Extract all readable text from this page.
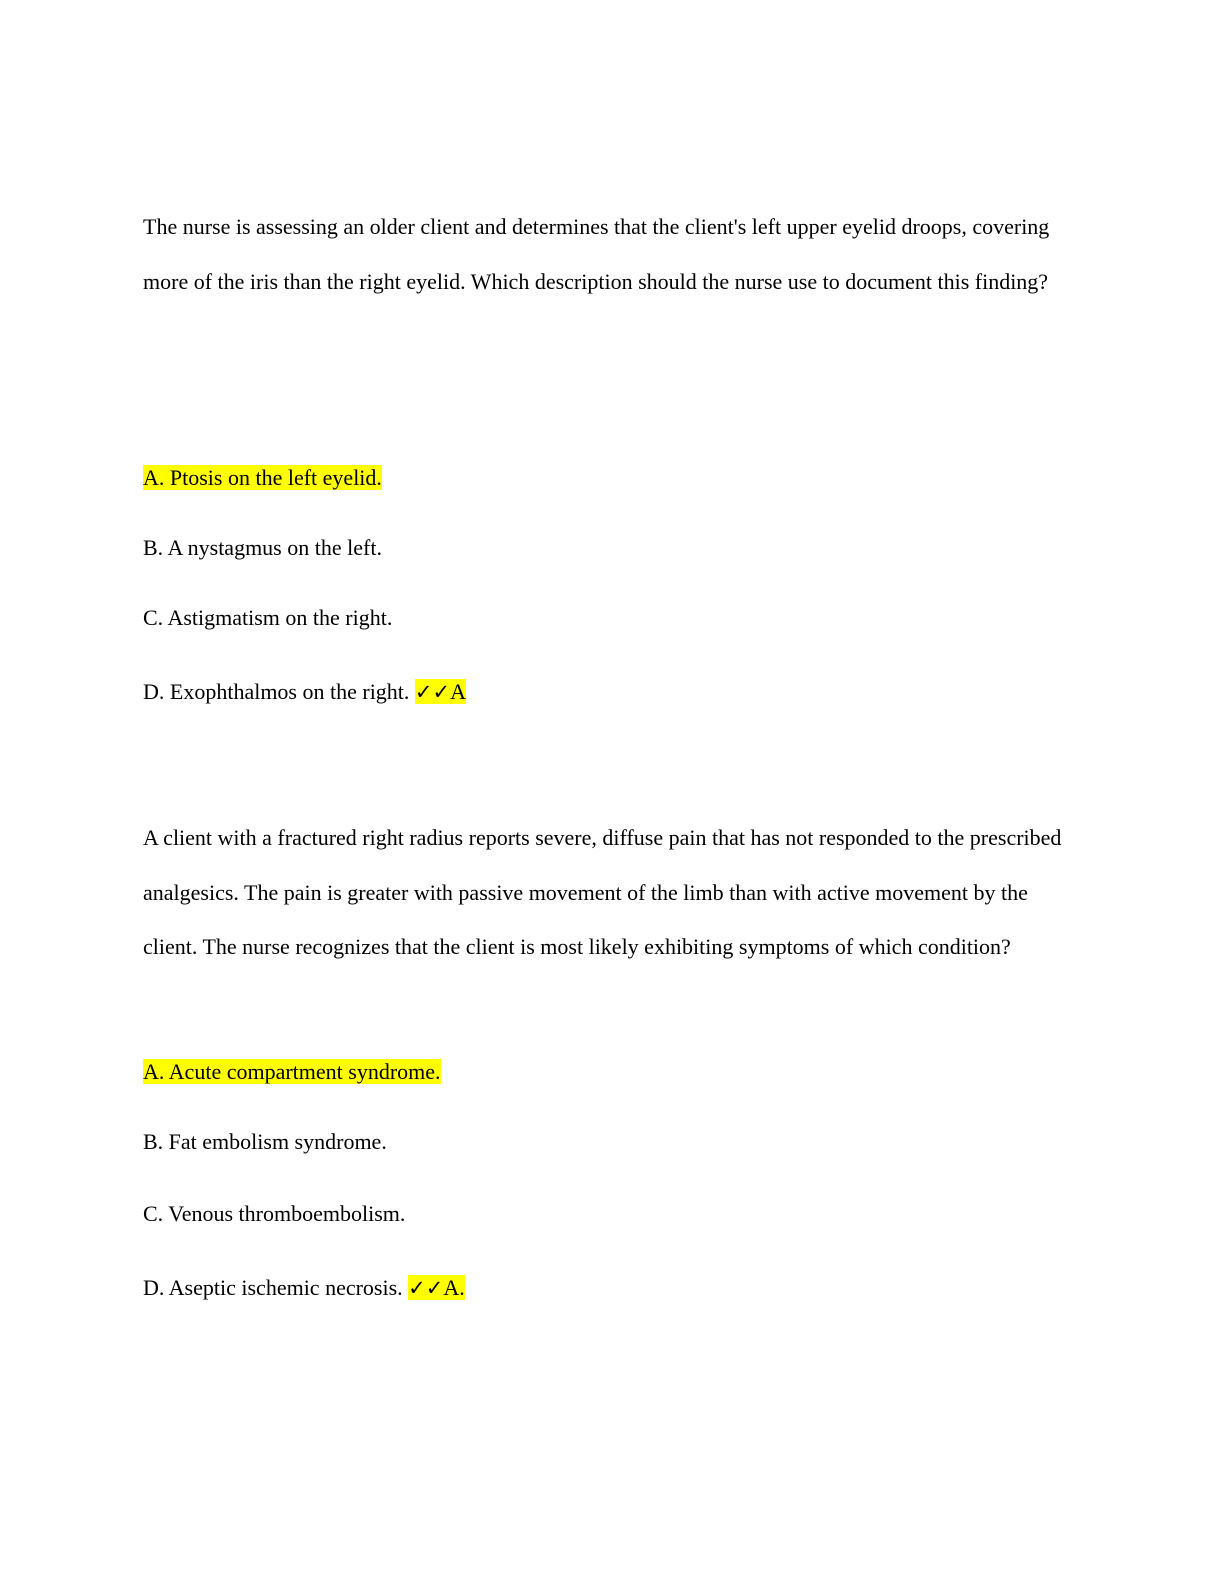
The nurse is assessing an older client and determines that the client's left upper eyelid droops, covering more of the iris than the right eyelid. Which description should the nurse use to document this finding?

A. Ptosis on the left eyelid.

B. A nystagmus on the left.

C. Astigmatism on the right.

D. Exophthalmos on the right. ✓✓A

A client with a fractured right radius reports severe, diffuse pain that has not responded to the prescribed analgesics. The pain is greater with passive movement of the limb than with active movement by the client. The nurse recognizes that the client is most likely exhibiting symptoms of which condition?

A. Acute compartment syndrome.

B. Fat embolism syndrome.

C. Venous thromboembolism.

D. Aseptic ischemic necrosis. ✓✓A.
